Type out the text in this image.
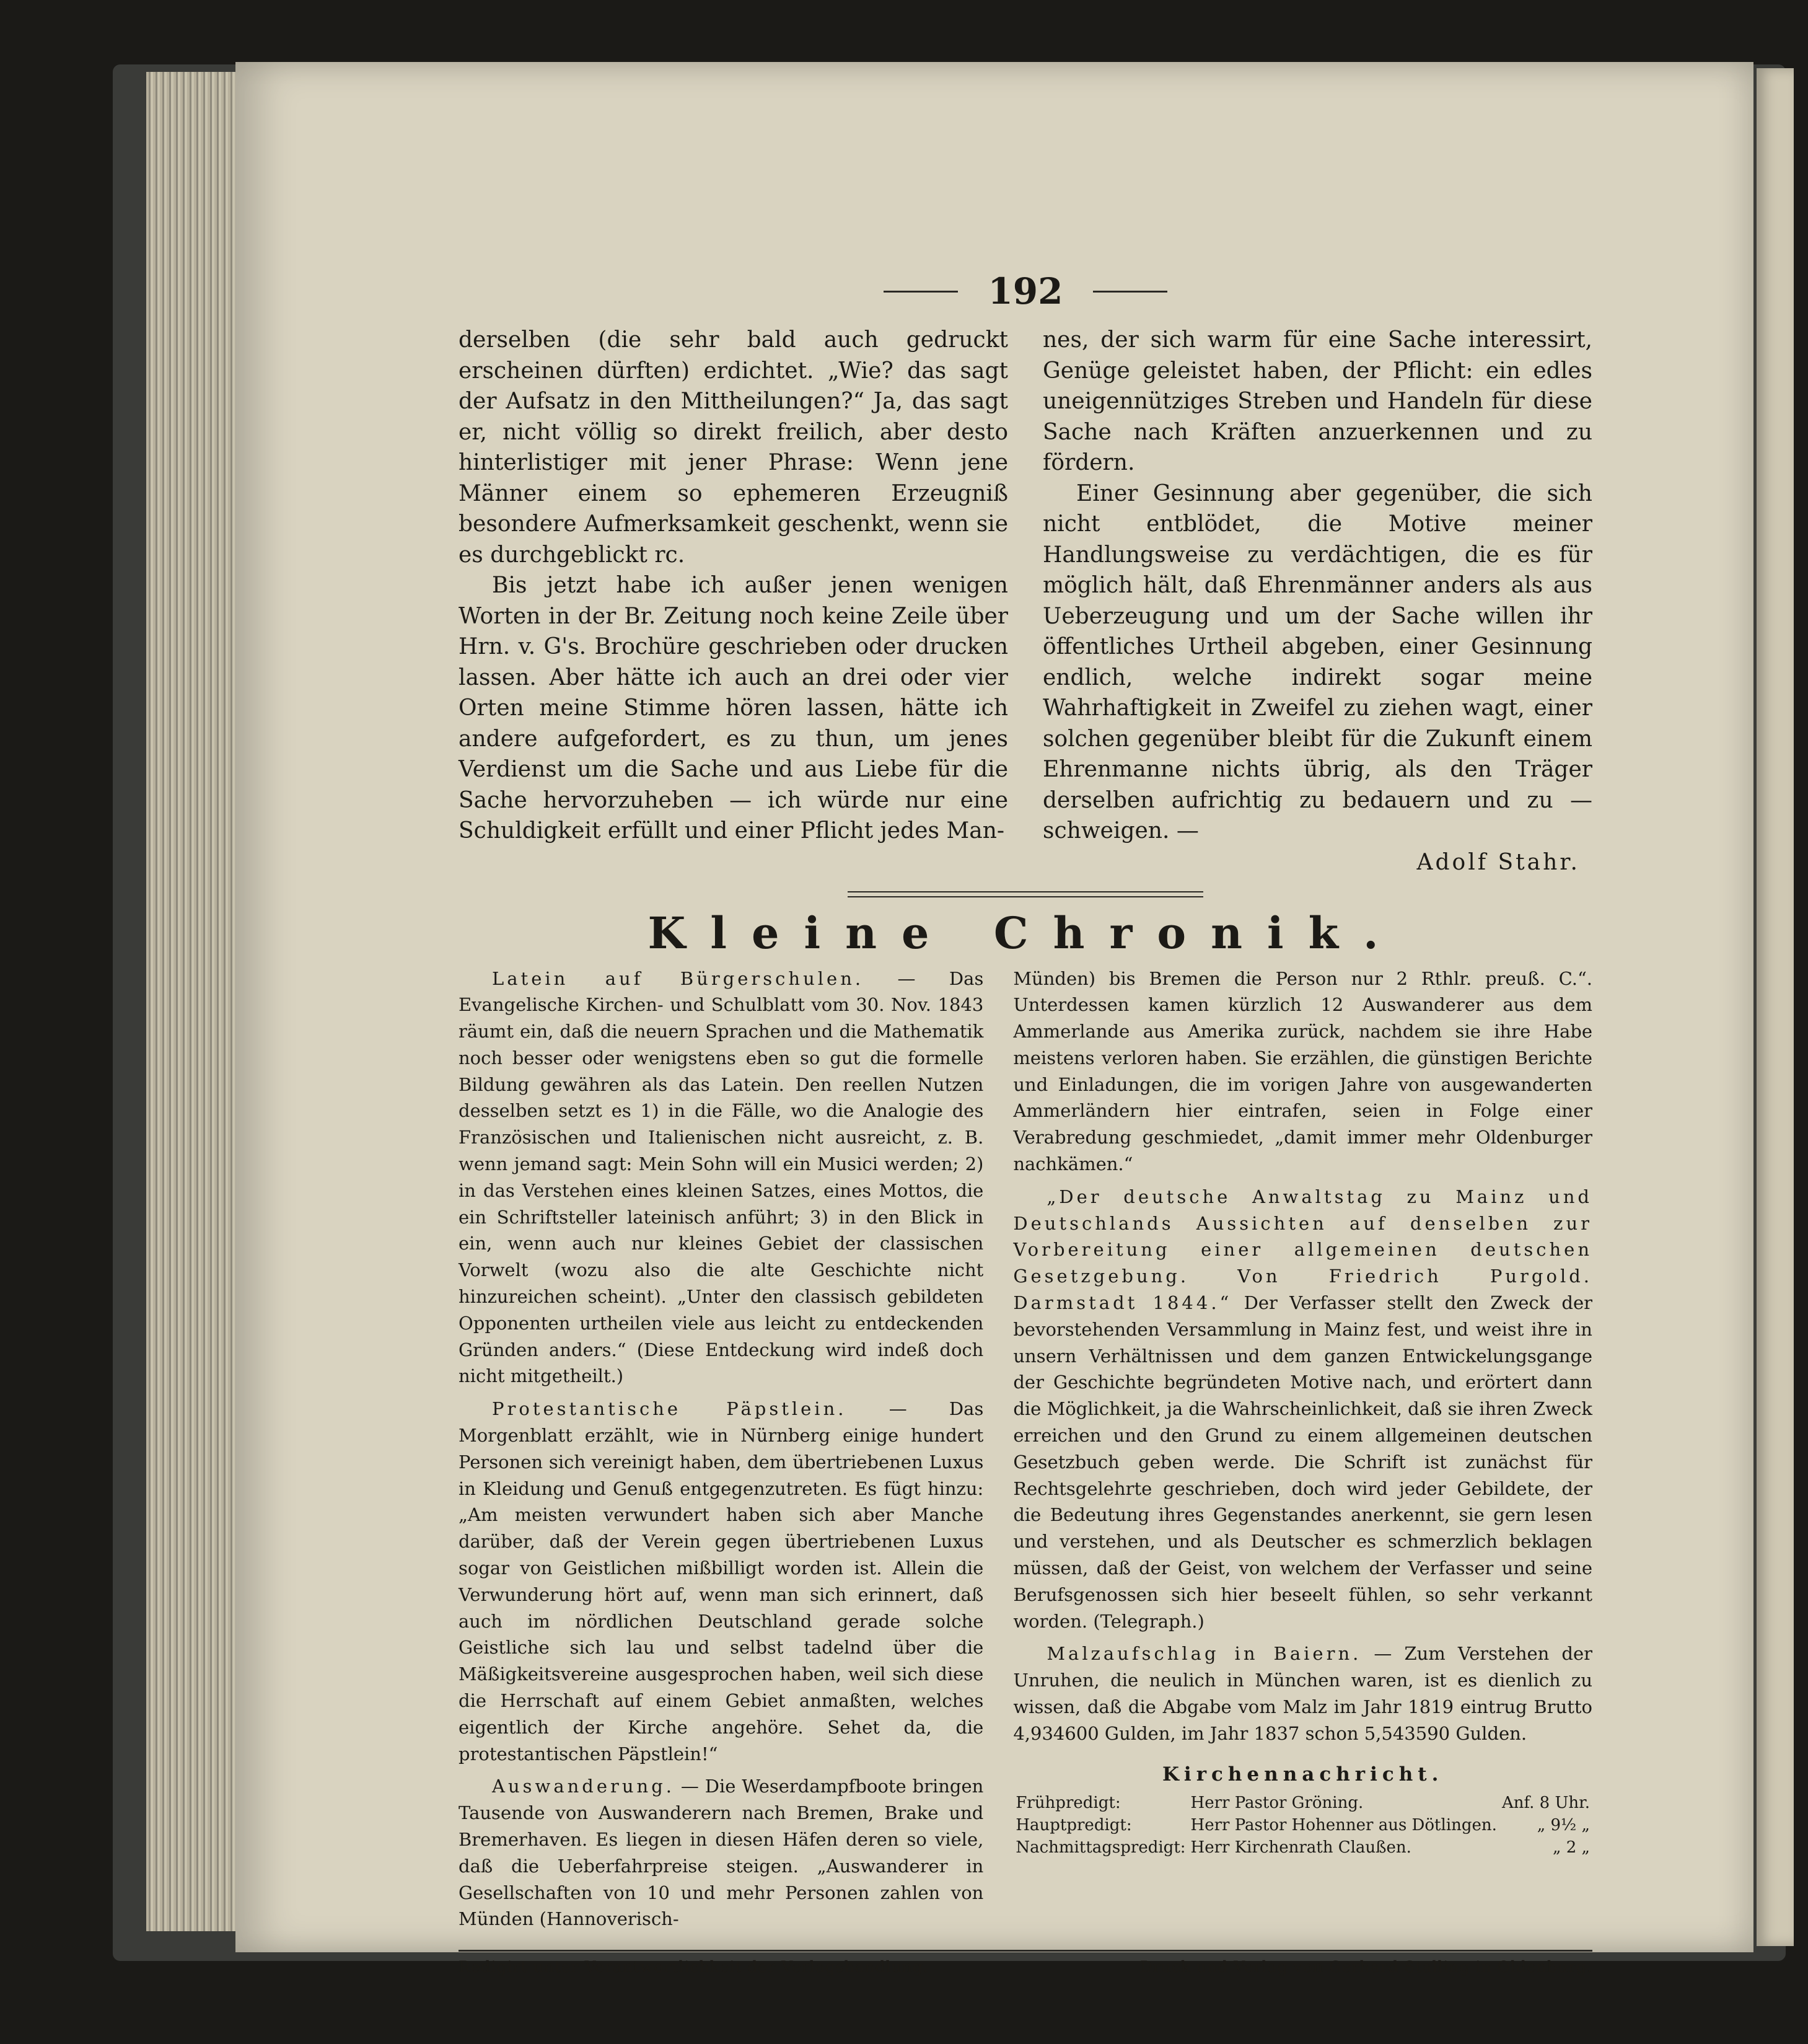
192

derselben (die sehr bald auch gedruckt erscheinen dürften) erdichtet. „Wie? das sagt der Aufsatz in den Mittheilungen?“ Ja, das sagt er, nicht völlig so direkt freilich, aber desto hinterlistiger mit jener Phrase: Wenn jene Männer einem so ephemeren Erzeugniß besondere Aufmerksamkeit geschenkt, wenn sie es durchgeblickt rc.

Bis jetzt habe ich außer jenen wenigen Worten in der Br. Zeitung noch keine Zeile über Hrn. v. G's. Brochüre geschrieben oder drucken lassen. Aber hätte ich auch an drei oder vier Orten meine Stimme hören lassen, hätte ich andere aufgefordert, es zu thun, um jenes Verdienst um die Sache und aus Liebe für die Sache hervorzuheben — ich würde nur eine Schuldigkeit erfüllt und einer Pflicht jedes Man-

nes, der sich warm für eine Sache interessirt, Genüge geleistet haben, der Pflicht: ein edles uneigennütziges Streben und Handeln für diese Sache nach Kräften anzuerkennen und zu fördern.

Einer Gesinnung aber gegenüber, die sich nicht entblödet, die Motive meiner Handlungsweise zu verdächtigen, die es für möglich hält, daß Ehrenmänner anders als aus Ueberzeugung und um der Sache willen ihr öffentliches Urtheil abgeben, einer Gesinnung endlich, welche indirekt sogar meine Wahrhaftigkeit in Zweifel zu ziehen wagt, einer solchen gegenüber bleibt für die Zukunft einem Ehrenmanne nichts übrig, als den Träger derselben aufrichtig zu bedauern und zu — schweigen. —

Adolf Stahr.
Kleine Chronik.

Latein auf Bürgerschulen. — Das Evangelische Kirchen- und Schulblatt vom 30. Nov. 1843 räumt ein, daß die neuern Sprachen und die Mathematik noch besser oder wenigstens eben so gut die formelle Bildung gewähren als das Latein. Den reellen Nutzen desselben setzt es 1) in die Fälle, wo die Analogie des Französischen und Italienischen nicht ausreicht, z. B. wenn jemand sagt: Mein Sohn will ein Musici werden; 2) in das Verstehen eines kleinen Satzes, eines Mottos, die ein Schriftsteller lateinisch anführt; 3) in den Blick in ein, wenn auch nur kleines Gebiet der classischen Vorwelt (wozu also die alte Geschichte nicht hinzureichen scheint). „Unter den classisch gebildeten Opponenten urtheilen viele aus leicht zu entdeckenden Gründen anders.“ (Diese Entdeckung wird indeß doch nicht mitgetheilt.)

Protestantische Päpstlein. — Das Morgenblatt erzählt, wie in Nürnberg einige hundert Personen sich vereinigt haben, dem übertriebenen Luxus in Kleidung und Genuß entgegenzutreten. Es fügt hinzu: „Am meisten verwundert haben sich aber Manche darüber, daß der Verein gegen übertriebenen Luxus sogar von Geistlichen mißbilligt worden ist. Allein die Verwunderung hört auf, wenn man sich erinnert, daß auch im nördlichen Deutschland gerade solche Geistliche sich lau und selbst tadelnd über die Mäßigkeitsvereine ausgesprochen haben, weil sich diese die Herrschaft auf einem Gebiet anmaßten, welches eigentlich der Kirche angehöre. Sehet da, die protestantischen Päpstlein!“

Auswanderung. — Die Weserdampfboote bringen Tausende von Auswanderern nach Bremen, Brake und Bremerhaven. Es liegen in diesen Häfen deren so viele, daß die Ueberfahrpreise steigen. „Auswanderer in Gesellschaften von 10 und mehr Personen zahlen von Münden (Hannoverisch-

Münden) bis Bremen die Person nur 2 Rthlr. preuß. C.“. Unterdessen kamen kürzlich 12 Auswanderer aus dem Ammerlande aus Amerika zurück, nachdem sie ihre Habe meistens verloren haben. Sie erzählen, die günstigen Berichte und Einladungen, die im vorigen Jahre von ausgewanderten Ammerländern hier eintrafen, seien in Folge einer Verabredung geschmiedet, „damit immer mehr Oldenburger nachkämen.“

„Der deutsche Anwaltstag zu Mainz und Deutschlands Aussichten auf denselben zur Vorbereitung einer allgemeinen deutschen Gesetzgebung. Von Friedrich Purgold. Darmstadt 1844.“ Der Verfasser stellt den Zweck der bevorstehenden Versammlung in Mainz fest, und weist ihre in unsern Verhältnissen und dem ganzen Entwickelungsgange der Geschichte begründeten Motive nach, und erörtert dann die Möglichkeit, ja die Wahrscheinlichkeit, daß sie ihren Zweck erreichen und den Grund zu einem allgemeinen deutschen Gesetzbuch geben werde. Die Schrift ist zunächst für Rechtsgelehrte geschrieben, doch wird jeder Gebildete, der die Bedeutung ihres Gegenstandes anerkennt, sie gern lesen und verstehen, und als Deutscher es schmerzlich beklagen müssen, daß der Geist, von welchem der Verfasser und seine Berufsgenossen sich hier beseelt fühlen, so sehr verkannt worden. (Telegraph.)

Malzaufschlag in Baiern. — Zum Verstehen der Unruhen, die neulich in München waren, ist es dienlich zu wissen, daß die Abgabe vom Malz im Jahr 1819 eintrug Brutto 4,934600 Gulden, im Jahr 1837 schon 5,543590 Gulden.

Kirchennachricht.
Frühpredigt:	Herr Pastor Gröning.	Anf. 8 Uhr.
Hauptpredigt:	Herr Pastor Hohenner aus Dötlingen.	„ 9½ „
Nachmittagspredigt:	Herr Kirchenrath Claußen.	„ 2 „
Redigirt unter Verantwortlichkeit der Verlagshandlung.	Druck und Verlag von Gerhard Stalling in Oldenburg.
